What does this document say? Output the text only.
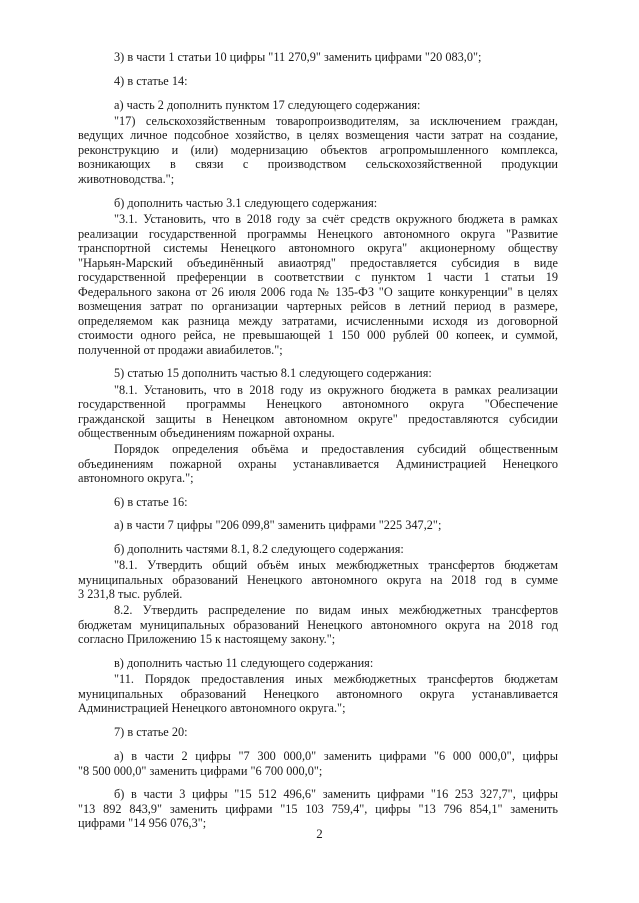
3) в части 1 статьи 10 цифры "11 270,9" заменить цифрами "20 083,0";
4) в статье 14:
а) часть 2 дополнить пунктом 17 следующего содержания:
"17) сельскохозяйственным товаропроизводителям, за исключением граждан,
ведущих личное подсобное хозяйство, в целях возмещения части затрат на создание,
реконструкцию и (или) модернизацию объектов агропромышленного комплекса,
возникающих в связи с производством сельскохозяйственной продукции
животноводства.";
б) дополнить частью 3.1 следующего содержания:
"3.1. Установить, что в 2018 году за счёт средств окружного бюджета в рамках
реализации государственной программы Ненецкого автономного округа "Развитие
транспортной системы Ненецкого автономного округа" акционерному обществу
"Нарьян-Марский объединённый авиаотряд" предоставляется субсидия в виде
государственной преференции в соответствии с пунктом 1 части 1 статьи 19
Федерального закона от 26 июля 2006 года № 135-ФЗ "О защите конкуренции" в целях
возмещения затрат по организации чартерных рейсов в летний период в размере,
определяемом как разница между затратами, исчисленными исходя из договорной
стоимости одного рейса, не превышающей 1 150 000 рублей 00 копеек, и суммой,
полученной от продажи авиабилетов.";
5) статью 15 дополнить частью 8.1 следующего содержания:
"8.1. Установить, что в 2018 году из окружного бюджета в рамках реализации
государственной программы Ненецкого автономного округа "Обеспечение
гражданской защиты в Ненецком автономном округе" предоставляются субсидии
общественным объединениям пожарной охраны.
Порядок определения объёма и предоставления субсидий общественным
объединениям пожарной охраны устанавливается Администрацией Ненецкого
автономного округа.";
6) в статье 16:
а) в части 7 цифры "206 099,8" заменить цифрами "225 347,2";
б) дополнить частями 8.1, 8.2 следующего содержания:
"8.1. Утвердить общий объём иных межбюджетных трансфертов бюджетам
муниципальных образований Ненецкого автономного округа на 2018 год в сумме
3 231,8 тыс. рублей.
8.2. Утвердить распределение по видам иных межбюджетных трансфертов
бюджетам муниципальных образований Ненецкого автономного округа на 2018 год
согласно Приложению 15 к настоящему закону.";
в) дополнить частью 11 следующего содержания:
"11. Порядок предоставления иных межбюджетных трансфертов бюджетам
муниципальных образований Ненецкого автономного округа устанавливается
Администрацией Ненецкого автономного округа.";
7) в статье 20:
а) в части 2 цифры "7 300 000,0" заменить цифрами "6 000 000,0", цифры
"8 500 000,0" заменить цифрами "6 700 000,0";
б) в части 3 цифры "15 512 496,6" заменить цифрами "16 253 327,7", цифры
"13 892 843,9" заменить цифрами "15 103 759,4", цифры "13 796 854,1" заменить
цифрами "14 956 076,3";
2
